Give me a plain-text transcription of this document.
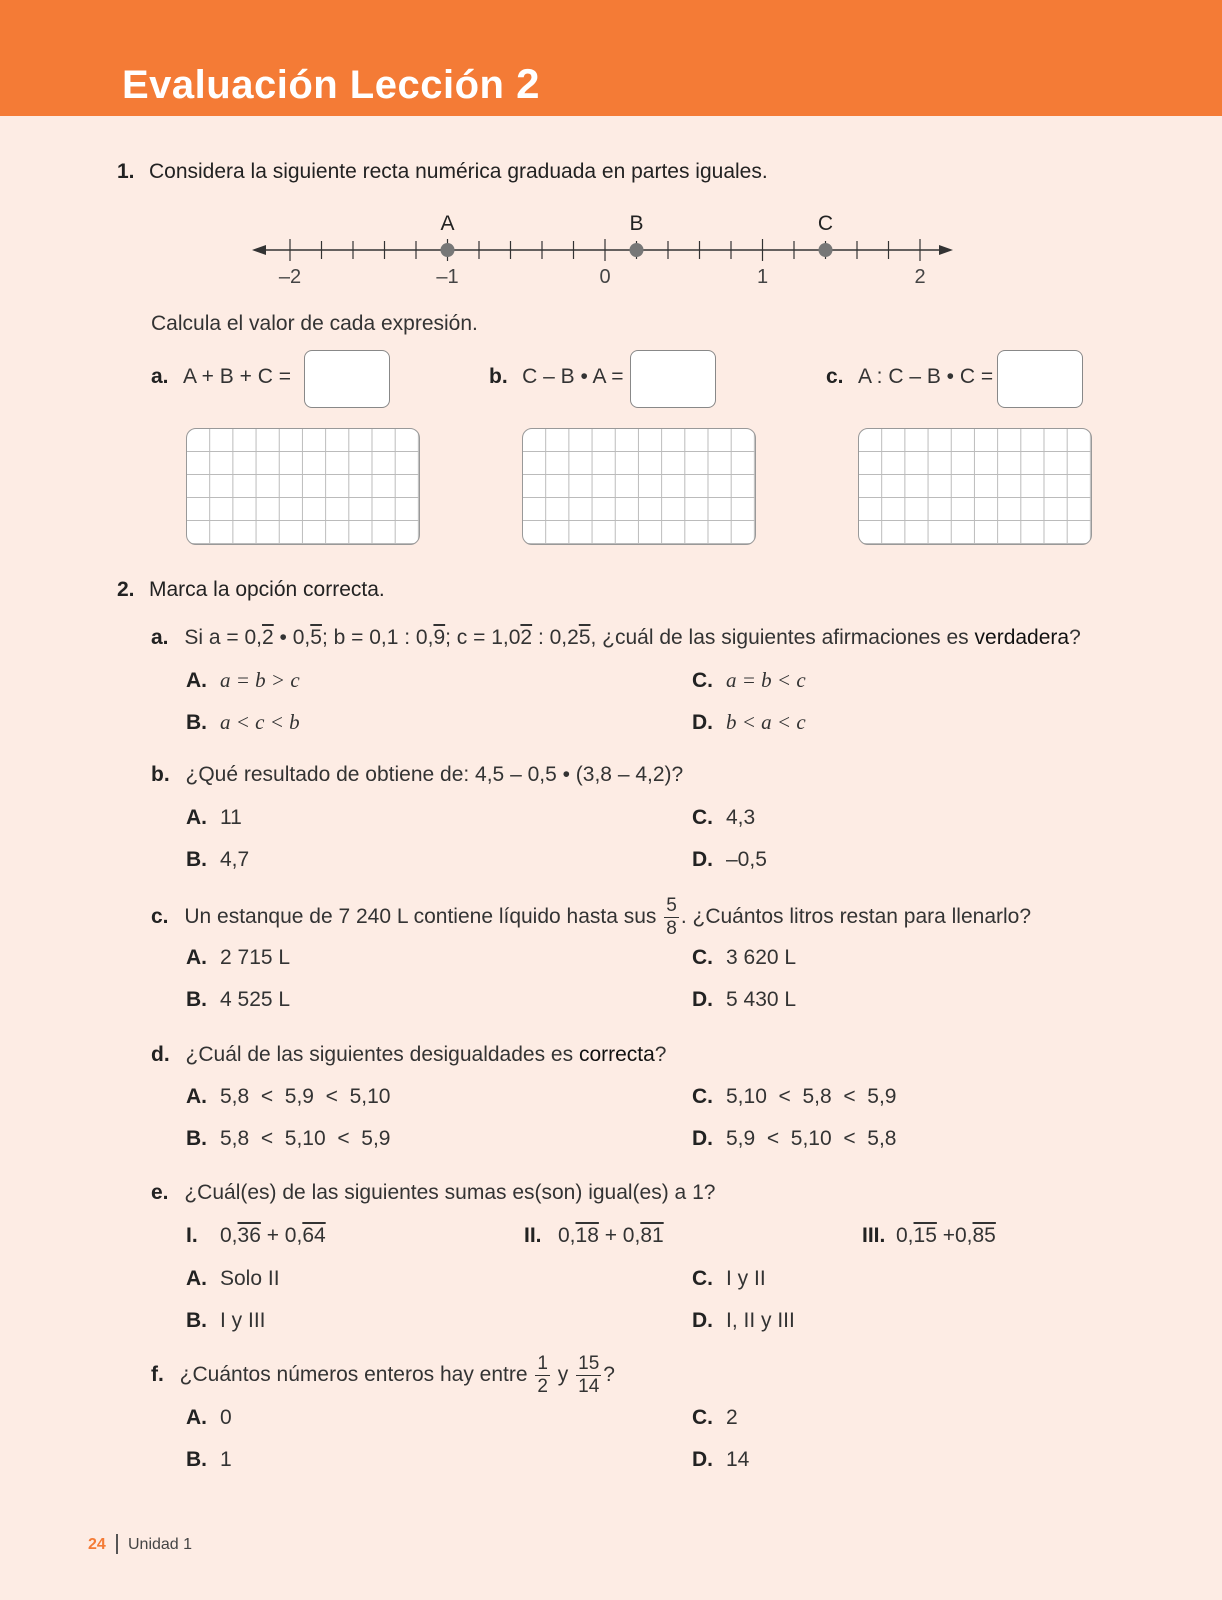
Evaluación Lección 2
1. Considera la siguiente recta numérica graduada en partes iguales.
–2	–1	0	1	2
A	B	C
Calcula el valor de cada expresión.
a. A + B + C =	b. C – B • A =	c. A : C – B • C =
2. Marca la opción correcta.
a. Si a = 0,2 • 0,5; b = 0,1 : 0,9; c = 1,02 : 0,25, ¿cuál de las siguientes afirmaciones es verdadera?
A. a = b > c
B. a < c < b
C. a = b < c
D. b < a < c
b. ¿Qué resultado de obtiene de: 4,5 – 0,5 • (3,8 – 4,2)?
A. 11
B. 4,7
C. 4,3
D. –0,5
c. Un estanque de 7 240 L contiene líquido hasta sus $\frac{5}{8}$ . ¿Cuántos litros restan para llenarlo?
A. 2 715 L
B. 4 525 L
C. 3 620 L
D. 5 430 L
d. ¿Cuál de las siguientes desigualdades es correcta?
A. 5,8  <  5,9  <  5,10
B. 5,8  <  5,10  <  5,9
C. 5,10  <  5,8  <  5,9
D. 5,9  <  5,10  <  5,8
e. ¿Cuál(es) de las siguientes sumas es(son) igual(es) a 1?
I. 0,36 + 0,64	II. 0,18 + 0,81	III. 0,15 +0,85
A. Solo II
B. I y III
C. I y II
D. I, II y III
f. ¿Cuántos números enteros hay entre $\frac{1}{2}$ y $\frac{15}{14}$ ?
A. 0
B. 1
C. 2
D. 14
24 Unidad 1
